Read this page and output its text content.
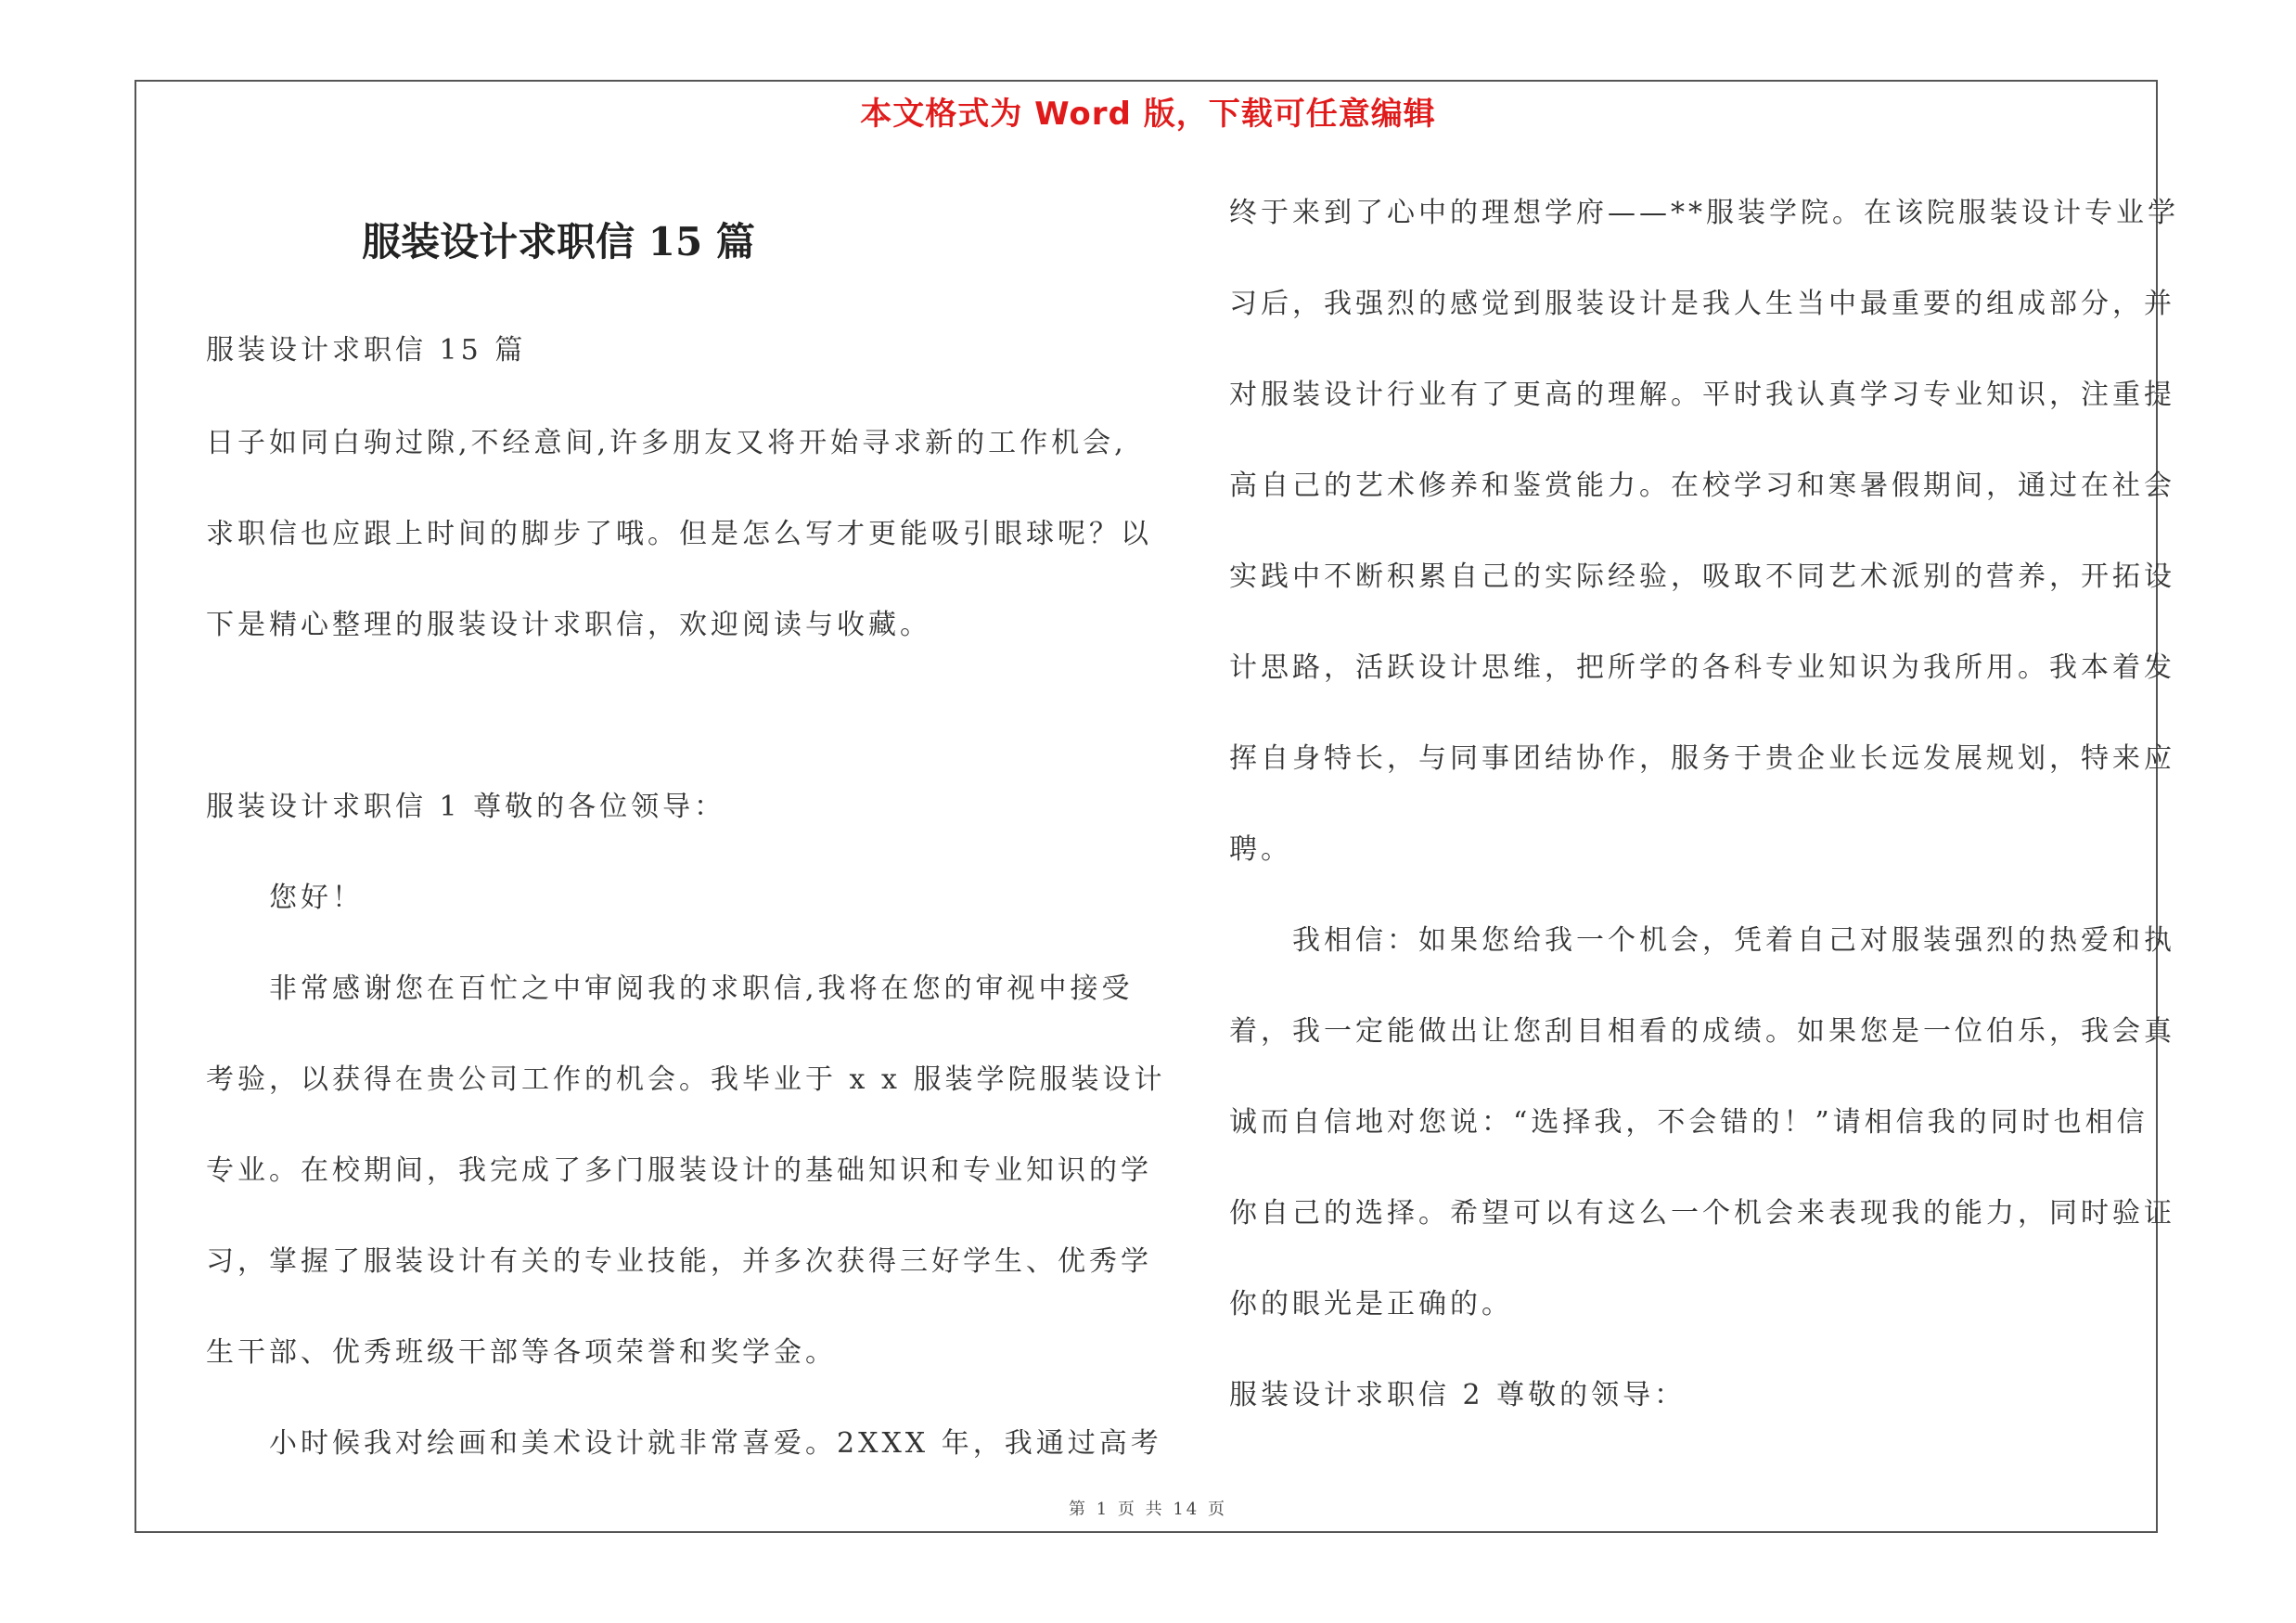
本文格式为 Word 版，下载可任意编辑
服装设计求职信 15 篇
服装设计求职信 15 篇
日子如同白驹过隙,不经意间,许多朋友又将开始寻求新的工作机会,
求职信也应跟上时间的脚步了哦。但是怎么写才更能吸引眼球呢？以
下是精心整理的服装设计求职信，欢迎阅读与收藏。
服装设计求职信 1 尊敬的各位领导：
您好！
非常感谢您在百忙之中审阅我的求职信,我将在您的审视中接受
考验，以获得在贵公司工作的机会。我毕业于 x x 服装学院服装设计
专业。在校期间，我完成了多门服装设计的基础知识和专业知识的学
习，掌握了服装设计有关的专业技能，并多次获得三好学生、优秀学
生干部、优秀班级干部等各项荣誉和奖学金。
小时候我对绘画和美术设计就非常喜爱。2XXX 年，我通过高考
终于来到了心中的理想学府——**服装学院。在该院服装设计专业学
习后，我强烈的感觉到服装设计是我人生当中最重要的组成部分，并
对服装设计行业有了更高的理解。平时我认真学习专业知识，注重提
高自己的艺术修养和鉴赏能力。在校学习和寒暑假期间，通过在社会
实践中不断积累自己的实际经验，吸取不同艺术派别的营养，开拓设
计思路，活跃设计思维，把所学的各科专业知识为我所用。我本着发
挥自身特长，与同事团结协作，服务于贵企业长远发展规划，特来应
聘。
我相信：如果您给我一个机会，凭着自己对服装强烈的热爱和执
着，我一定能做出让您刮目相看的成绩。如果您是一位伯乐，我会真
诚而自信地对您说：“选择我，不会错的！”请相信我的同时也相信
你自己的选择。希望可以有这么一个机会来表现我的能力，同时验证
你的眼光是正确的。
服装设计求职信 2 尊敬的领导：
第 1 页 共 14 页
